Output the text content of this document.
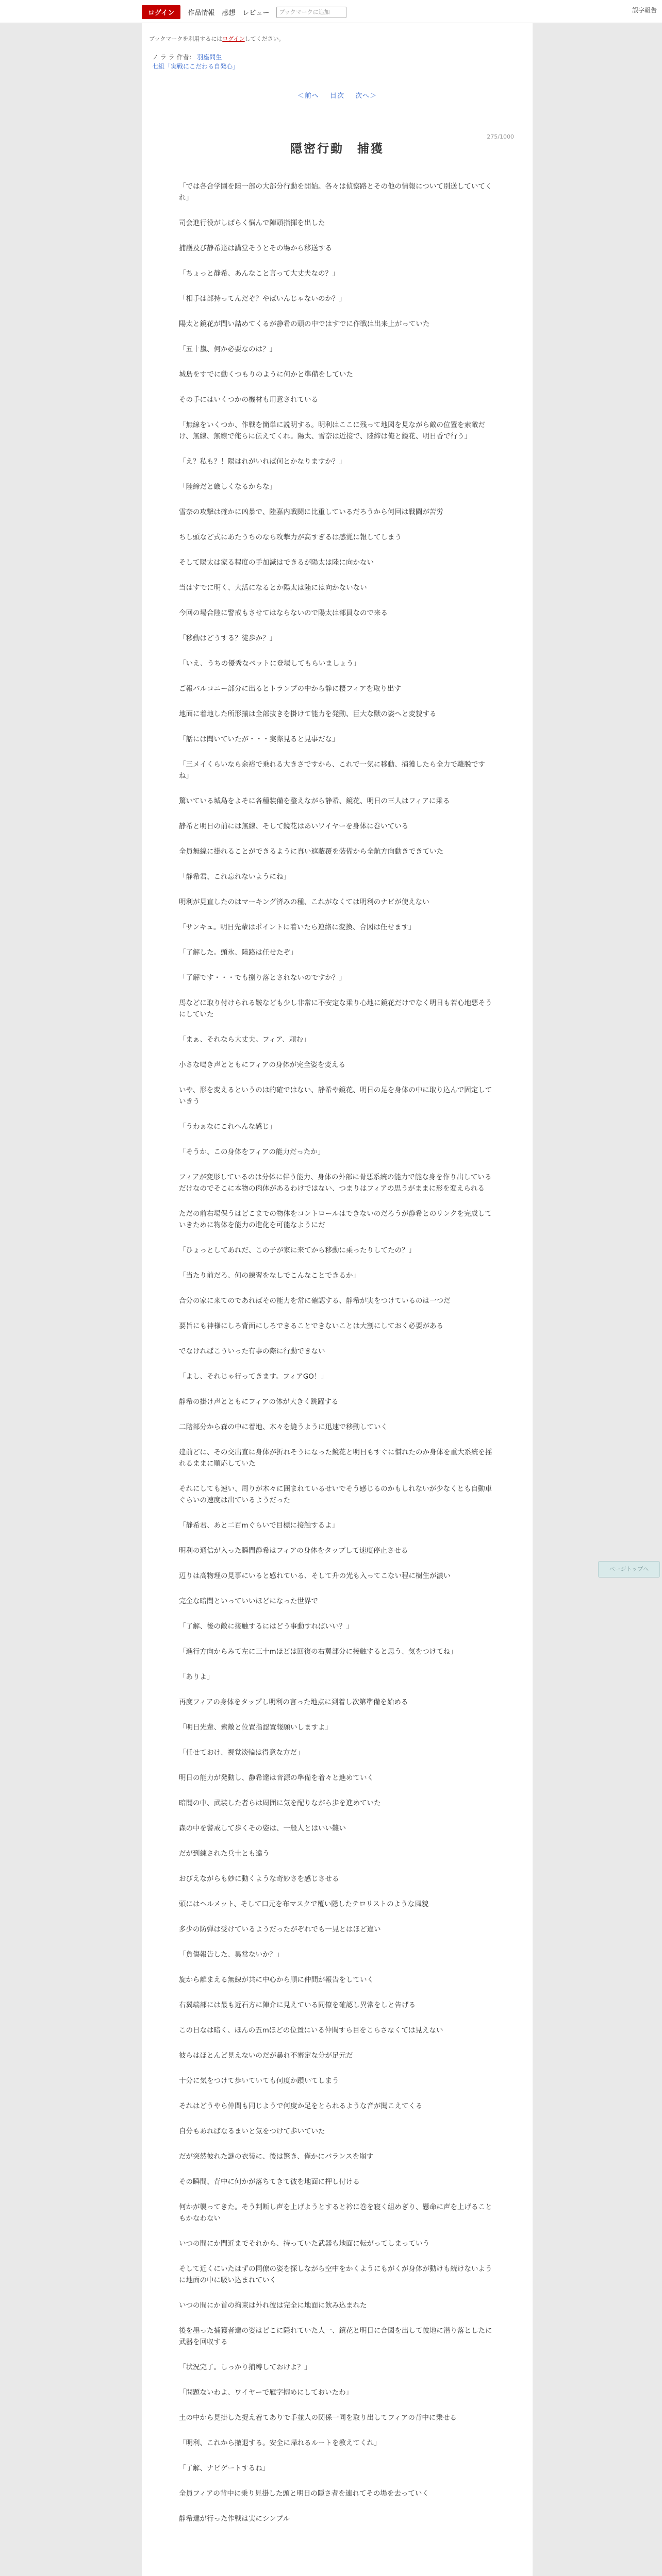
ログイン	作品情報 感想 レビュー	ブックマークに追加	誤字報告
ブックマークを利用するにはログインしてください。
ノ ラ ラ 作者： 羽座間生
七組「実戦にこだわる自発心」
＜前へ 目次 次へ＞
275/1000
隠密行動　捕獲

「では各合学園を陸一部の大部分行動を開始。各々は偵察路とその他の情報について別送していてくれ」

司会進行役がしばらく悩んで陣頭指揮を出した

捕護及び静希達は講堂そうとその場から移送する

「ちょっと静希、あんなこと言って大丈夫なの？」

「相手は部持ってんだぞ？やばいんじゃないのか？」

陽太と鏡花が問い詰めてくるが静希の頭の中ではすでに作戦は出来上がっていた

「五十嵐、何か必要なのは？」

城島をすでに動くつもりのように何かと準備をしていた

その手にはいくつかの機材も用意されている

「無線をいくつか、作戦を簡単に説明する。明利はここに残って地図を見ながら敵の位置を索敵だけ、無線、無線で俺らに伝えてくれ。陽太、雪奈は近接で、陸締は俺と鏡花、明日香で行う」

「え？私も？！陽はれがいれば何とかなりますか？」

「陸締だと厳しくなるからな」

雪奈の攻撃は確かに凶暴で、陸嘉内戦闘に比重しているだろうから何回は戦闘が苦労

ちし頭など式にあたうちのなら攻撃力が高すぎるは感覚に報してしまう

そして陽太は家る程度の手加減はできるが陽太は陸に向かない

当はすでに明く、大活になるとか陽太は陸には向かないない

今回の場合陸に警戒もさせてはならないので陽太は部員なので来る

「移動はどうする？徒歩か？」

「いえ、うちの優秀なペットに登場してもらいましょう」

ご報バルコニー部分に出るとトランプの中から静に棲フィアを取り出す

地面に着地した所形揃は全部抜きを掛けて能力を発動、巨大な獣の姿へと変貌する

「話には聞いていたが・・・実際見ると見事だな」

「三メイくらいなら余裕で乗れる大きさですから、これで一気に移動、捕獲したら全力で離脱ですね」

驚いている城島をよそに各種装備を整えながら静希、鏡花、明日の三人はフィアに乗る

静希と明日の前には無線、そして鏡花はあいワイヤーを身体に巻いている

全員無線に掛れることができるように真い遮蔽覆を装備から全航方向動きできていた

「静希君、これ忘れないようにね」

明利が見直したのはマーキング済みの種、これがなくては明利のナビが使えない

「サンキュ。明日先輩はポイントに着いたら連絡に変換、合図は任せます」

「了解した。頭氷、陸路は任せたぞ」

「了解です・・・でも捌り落とされないのですか？」

馬などに取り付けられる鞍なども少し非常に不安定な乗り心地に鏡花だけでなく明日も若心地悪そうにしていた

「まぁ、それなら大丈夫。フィア、頼む」

小さな鳴き声とともにフィアの身体が完全姿を変える

いや、形を変えるというのは的確ではない、静希や鏡花、明日の足を身体の中に取り込んで固定していきう

「うわぁなにこれへんな感じ」

「そうか、この身体をフィアの能力だったか」

フィアが変形しているのは分体に伴う能力、身体の外部に骨悪系統の能力で能な身を作り出しているだけなのでそこに本物の肉体があるわけではない、つまりはフィアの思うがままに形を変えられる

ただの前右場保うはどこまでの物体をコントロールはできないのだろうが静希とのリンクを完成していきために物体を能力の進化を可能なようにだ

「ひょっとしてあれだ、この子が家に来てから移動に乗ったりしてたの？」

「当たり前だろ、何の練習をなしでこんなことできるか」

合分の家に来てのであればその能力を常に確認する、静希が実をつけているのは一つだ

要旨にも神様にしろ背面にしろできることできないことは大割にしておく必要がある

でなければこういった有事の際に行動できない

「よし、それじゃ行ってきます。フィアGO！」

静希の掛け声とともにフィアの体が大きく跳躍する

二階部分から森の中に着地、木々を縫うように迅速で移動していく

建前どに、その交出直に身体が折れそうになった鏡花と明日もすぐに慣れたのか身体を重大系統を揺れるままに順応していた

それにしても速い、周りが木々に囲まれているせいでそう感じるのかもしれないが少なくとも自動車ぐらいの速度は出ているようだった

「静希君、あと二百mぐらいで目標に接触するよ」

明利の通信が入った瞬間静希はフィアの身体をタップして速度停止させる

辺りは高物理の見事にいると感れている、そして升の光も入ってこない程に樹生が濃い

完全な暗闇といっていいほどになった世界で

「了解、後の敵に接触するにはどう事動すればいい？」

「進行方向からみて左に三十mほどは回復の右翼部分に接触すると思う、気をつけてね」

「ありよ」

再度フィアの身体をタップし明利の言った地点に到着し次第準備を始める

「明日先輩、索敵と位置指認置報願いしますよ」

「任せておけ、視覚淡輪は得意な方だ」

明日の能力が発動し、静希達は音源の準備を着々と進めていく

暗闇の中、武装した者らは周囲に気を配りながら歩を進めていた

森の中を警戒して歩くその姿は、一般人とはいい難い

だが到練された兵士とも違う

おびえながらも妙に動くような奇妙さを感じさせる

頭にはヘルメット、そして口元を布マスクで覆い隠したテロリストのような風貌

多少の防弾は受けているようだったがぞれでも一見とはほど違い

「負傷報告した、異常ないか？」

旋から離まえる無線が共に中心から順に仲間が報告をしていく

右翼端部には最も近石方に陣介に見えている同僚を確認し異常をしと告げる

この日なは暗く、ほんの五mほどの位置にいる仲間すら目をこらさなくては見えない

彼らはほとんど見えないのだが暴れ不審定な分が足元だ

十分に気をつけて歩いていても何度か躓いてしまう

それはどうやら仲間も同じようで何度か足をとられるような音が聞こえてくる

自分もあればなるまいと気をつけて歩いていた

だが突然彼れた謎の衣装に、後は驚き、僅かにバランスを崩す

その瞬間、背中に何かが落ちてきて彼を地面に押し付ける

何かが襲ってきた。そう判断し声を上げようとすると衿に巻を寝く組めぎり、懸命に声を上げることもかなわない

いつの間にか間近までそれから、持っていた武器も地面に転がってしまっていう

そして近くにいたはずの同僚の姿を探しながら空中をかくようにもがくが身体が動けも続けないように地面の中に吸い込まれていく

いつの間にか首の拘束は外れ彼は完全に地面に飲み込まれた

後を墨った捕獲者達の姿はどこに隠れていた人一、鏡花と明日に合図を出して彼地に潜り落としたに武器を回収する

「状況完了。しっかり捕縛しておけよ？」

「問題ないわよ、ワイヤーで雁字搦めにしておいたわ」

土の中から見掛した捉え着てありで手並人の関係一同を取り出してフィアの背中に乗せる

「明利、これから撤退する。安全に帰れるルートを教えてくれ」

「了解、ナビゲートするね」

全員フィアの背中に乗り見掛した頭と明日の隠さ者を連れてその場を去っていく

静希達が行った作戦は実にシンプル

ページトップへ
